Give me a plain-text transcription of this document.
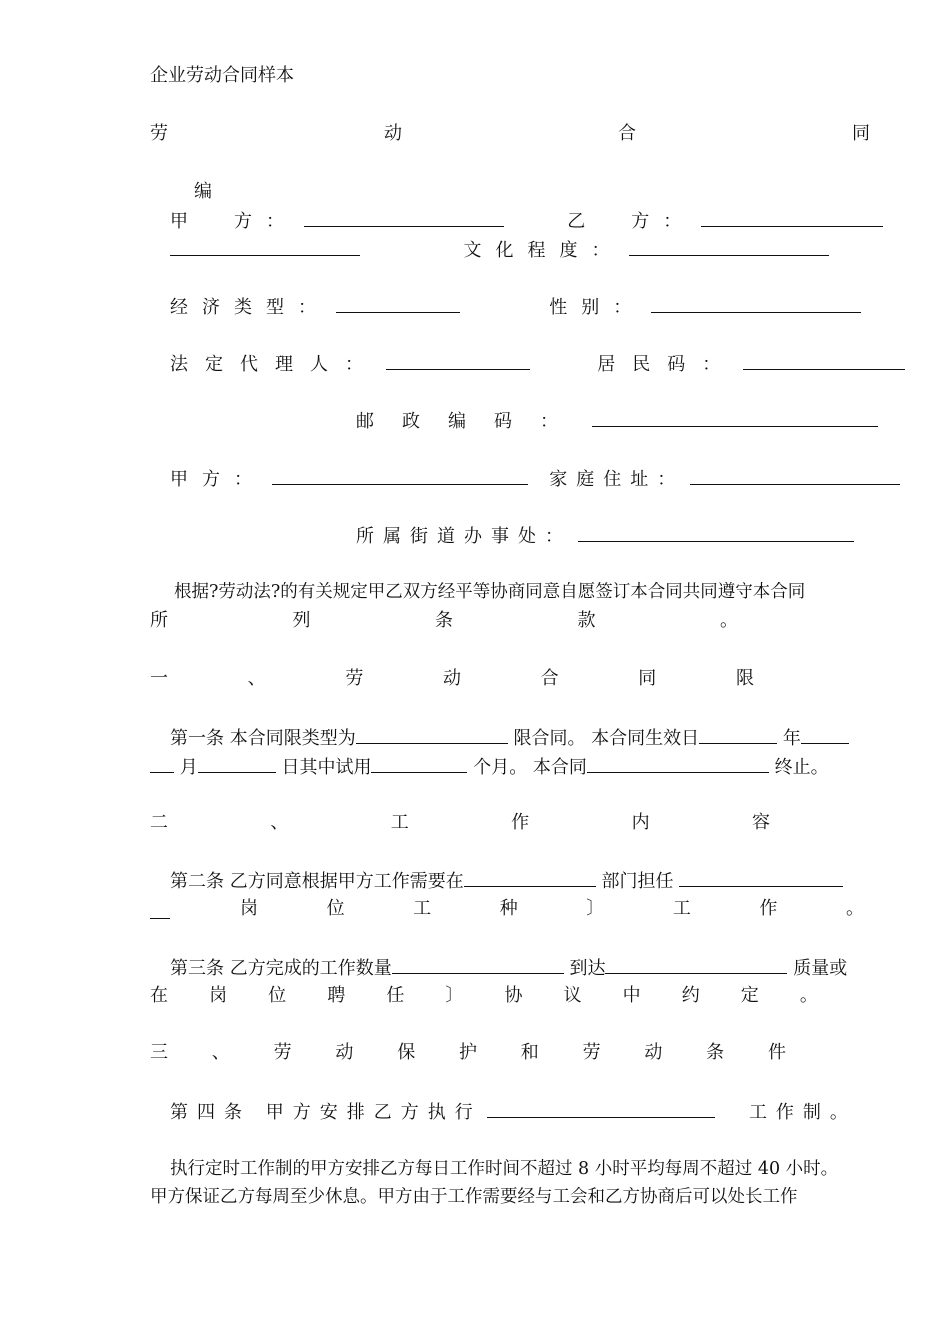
企业劳动合同样本
劳	动	合	同
编
甲　方：	乙　方：
文化程度：
经济类型：	性别：
法定代理人：	居民码：
邮政编码：
甲方：	家庭住址：
所属街道办事处：
根据?劳动法?的有关规定甲乙双方经平等协商同意自愿签订本合同共同遵守本合同
所	列	条	款	。
一	、	劳	动	合	同	限
第一条 本合同限类型为	限合同。 本合同生效日	年
月	日其中试用	个月。 本合同	终止。
二	、	工	作	内	容
第二条 乙方同意根据甲方工作需要在	部门担任
岗	位	工	种	〕	工	作	。
第三条 乙方完成的工作数量	到达	质量或
在 岗 位 聘 任 〕 协 议 中 约 定 。
三 、 劳 动 保 护 和 劳 动 条 件
第四条 甲方安排乙方执行	工作制。
执行定时工作制的甲方安排乙方每日工作时间不超过 8 小时平均每周不超过 40 小时。
甲方保证乙方每周至少休息。甲方由于工作需要经与工会和乙方协商后可以处长工作
